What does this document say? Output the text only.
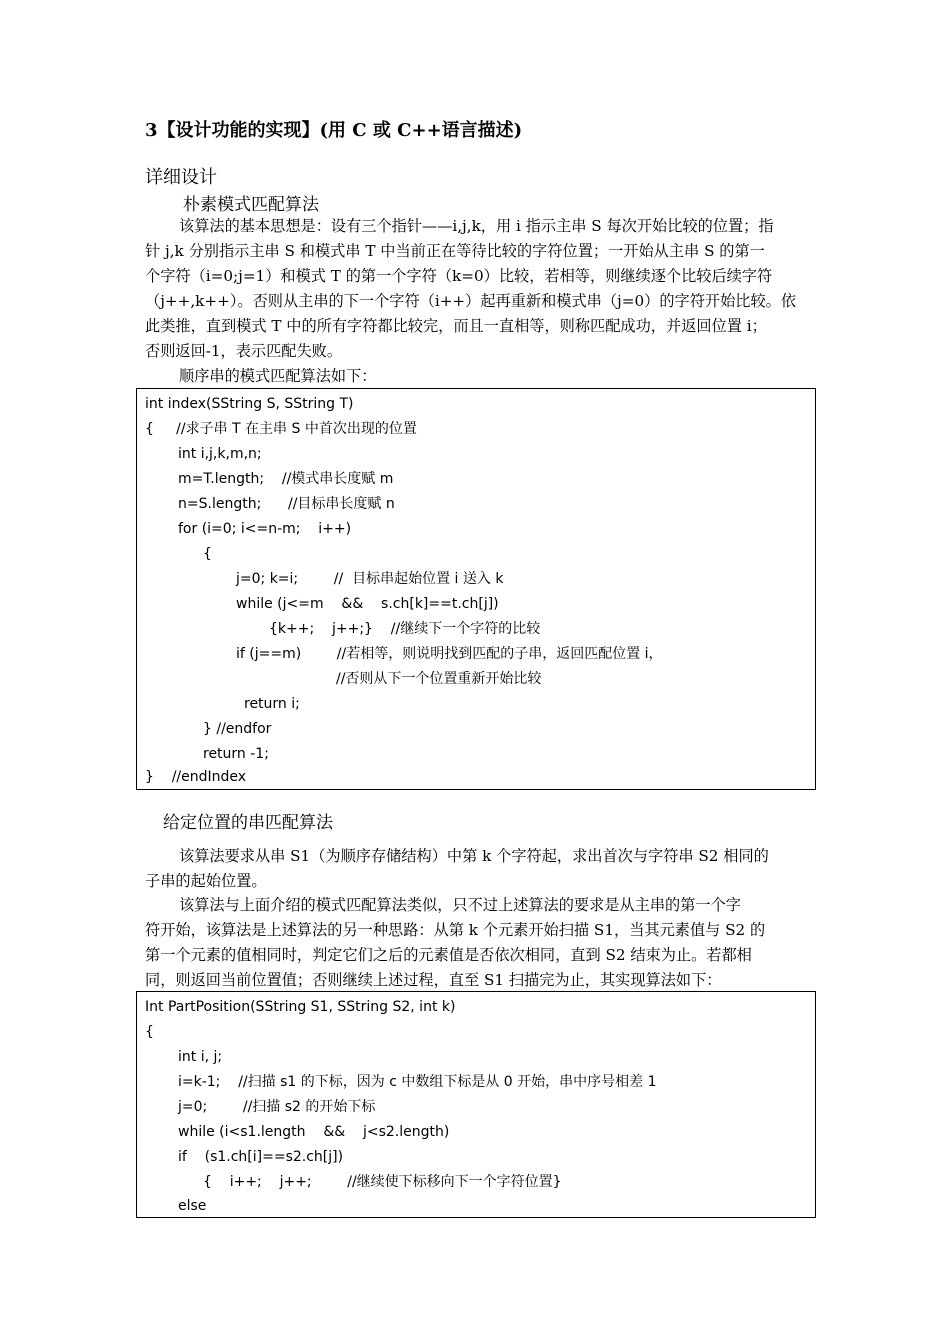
3【设计功能的实现】(用 C 或 C++语言描述)
详细设计
朴素模式匹配算法

该算法的基本思想是：设有三个指针——i,j,k，用 i 指示主串 S 每次开始比较的位置；指

针 j,k 分别指示主串 S 和模式串 T 中当前正在等待比较的字符位置；一开始从主串 S 的第一

个字符（i=0;j=1）和模式 T 的第一个字符（k=0）比较，若相等，则继续逐个比较后续字符

（j++,k++）。否则从主串的下一个字符（i++）起再重新和模式串（j=0）的字符开始比较。依

此类推，直到模式 T 中的所有字符都比较完，而且一直相等，则称匹配成功，并返回位置 i；

否则返回-1，表示匹配失败。

顺序串的模式匹配算法如下：

int index(SString S, SString T)
{     //求子串 T 在主串 S 中首次出现的位置
int i,j,k,m,n;
m=T.length;    //模式串长度赋 m
n=S.length;      //目标串长度赋 n
for (i=0; i<=n-m;    i++)
{
j=0; k=i;        //  目标串起始位置 i 送入 k
while (j<=m    &&    s.ch[k]==t.ch[j])
{k++;    j++;}    //继续下一个字符的比较
if (j==m)        //若相等，则说明找到匹配的子串，返回匹配位置 i，
//否则从下一个位置重新开始比较
return i;
} //endfor
return -1;
}    //endIndex
给定位置的串匹配算法

该算法要求从串 S1（为顺序存储结构）中第 k 个字符起，求出首次与字符串 S2 相同的

子串的起始位置。

该算法与上面介绍的模式匹配算法类似，只不过上述算法的要求是从主串的第一个字

符开始，该算法是上述算法的另一种思路：从第 k 个元素开始扫描 S1，当其元素值与 S2 的

第一个元素的值相同时，判定它们之后的元素值是否依次相同，直到 S2 结束为止。若都相

同，则返回当前位置值；否则继续上述过程，直至 S1 扫描完为止，其实现算法如下：

Int PartPosition(SString S1, SString S2, int k)
{
int i, j;
i=k-1;    //扫描 s1 的下标，因为 c 中数组下标是从 0 开始，串中序号相差 1
j=0;        //扫描 s2 的开始下标
while (i<s1.length    &&    j<s2.length)
if    (s1.ch[i]==s2.ch[j])
{    i++;    j++;        //继续使下标移向下一个字符位置}
else
